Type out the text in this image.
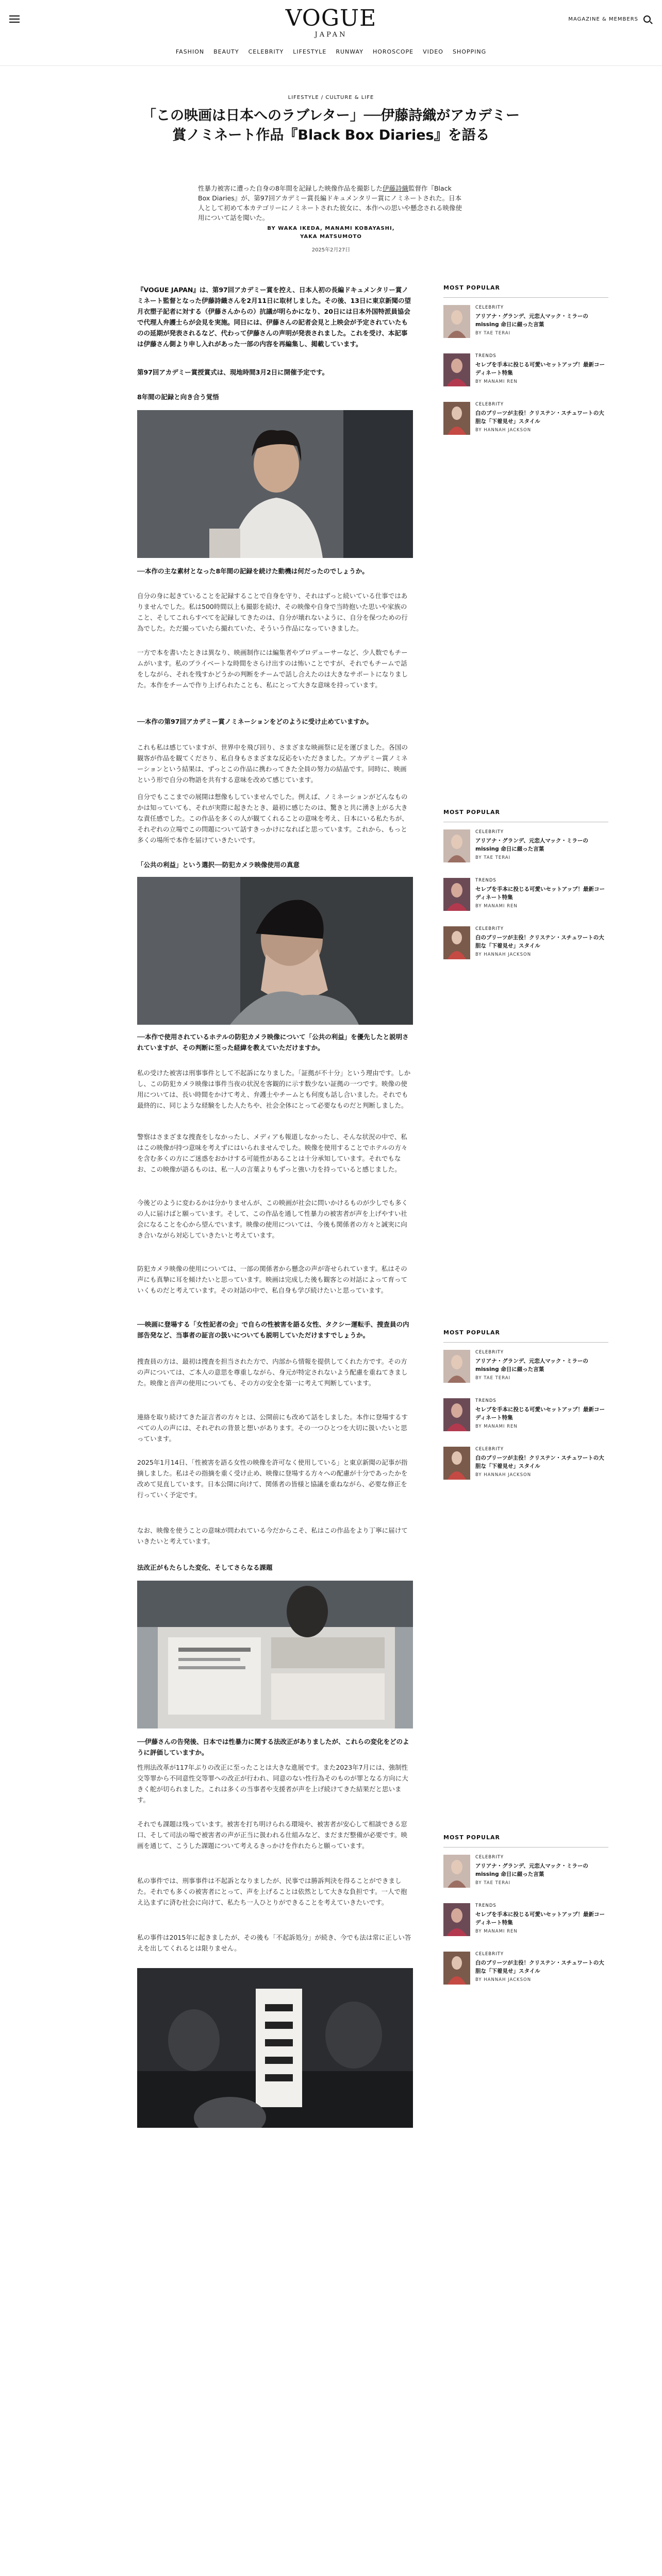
VOGUE
JAPAN
MAGAZINE & MEMBERS
FASHION BEAUTY CELEBRITY LIFESTYLE RUNWAY HOROSCOPE VIDEO SHOPPING
LIFESTYLE / CULTURE & LIFE
「この映画は日本へのラブレター」──伊藤詩織がアカデミー賞ノミネート作品『Black Box Diaries』を語る

性暴力被害に遭った自身の8年間を記録した映像作品を撮影した伊藤詩織監督作『Black Box Diaries』が、第97回アカデミー賞長編ドキュメンタリー賞にノミネートされた。日本人として初めて本カテゴリーにノミネートされた彼女に、本作への思いや懸念される映像使用について話を聞いた。

BY WAKA IKEDA, MANAMI KOBAYASHI,
YAKA MATSUMOTO
2025年2月27日

『VOGUE JAPAN』は、第97回アカデミー賞を控え、日本人初の長編ドキュメンタリー賞ノミネート監督となった伊藤詩織さんを2月11日に取材しました。その後、13日に東京新聞の望月衣塑子記者に対する（伊藤さんからの）抗議が明らかになり、20日には日本外国特派員協会で代理人弁護士らが会見を実施。同日には、伊藤さんの記者会見と上映会が予定されていたものの延期が発表されるなど、代わって伊藤さんの声明が発表されました。これを受け、本記事は伊藤さん側より申し入れがあった一部の内容を再編集し、掲載しています。

第97回アカデミー賞授賞式は、現地時間3月2日に開催予定です。

8年間の記録と向き合う覚悟

──本作の主な素材となった8年間の記録を続けた動機は何だったのでしょうか。

自分の身に起きていることを記録することで自身を守り、それはずっと続いている仕事ではありませんでした。私は500時間以上も撮影を続け、その映像や自身で当時抱いた思いや家族のこと、そしてこれらすべてを記録してきたのは、自分が壊れないように、自分を保つための行為でした。ただ撮っていたら撮れていた、そういう作品になっていきました。

一方で本を書いたときは異なり、映画制作には編集者やプロデューサーなど、少人数でもチームがいます。私のプライベートな時間をさらけ出すのは怖いことですが、それでもチームで話をしながら、それを残すかどうかの判断をチームで話し合えたのは大きなサポートになりました。本作をチームで作り上げられたことも、私にとって大きな意味を持っています。

──本作の第97回アカデミー賞ノミネーションをどのように受け止めていますか。

これも私は感じていますが、世界中を飛び回り、さまざまな映画祭に足を運びました。各国の観客が作品を観てくださり、私自身もさまざまな反応をいただきました。アカデミー賞ノミネーションという結果は、ずっとこの作品に携わってきた全員の努力の結晶です。同時に、映画という形で自分の物語を共有する意味を改めて感じています。

自分でもここまでの展開は想像もしていませんでした。例えば、ノミネーションがどんなものかは知っていても、それが実際に起きたとき、最初に感じたのは、驚きと共に湧き上がる大きな責任感でした。この作品を多くの人が観てくれることの意味を考え、日本にいる私たちが、それぞれの立場でこの問題について話すきっかけになればと思っています。これから、もっと多くの場所で本作を届けていきたいです。

「公共の利益」という選択──防犯カメラ映像使用の真意

──本作で使用されているホテルの防犯カメラ映像について「公共の利益」を優先したと説明されていますが、その判断に至った経緯を教えていただけますか。

私の受けた被害は刑事事件として不起訴になりました。「証拠が不十分」という理由です。しかし、この防犯カメラ映像は事件当夜の状況を客観的に示す数少ない証拠の一つです。映像の使用については、長い時間をかけて考え、弁護士やチームとも何度も話し合いました。それでも最終的に、同じような経験をした人たちや、社会全体にとって必要なものだと判断しました。

警察はさまざまな捜査をしなかったし、メディアも報道しなかったし、そんな状況の中で、私はこの映像が持つ意味を考えずにはいられませんでした。映像を使用することでホテルの方々を含む多くの方にご迷惑をおかけする可能性があることは十分承知しています。それでもなお、この映像が語るものは、私一人の言葉よりもずっと強い力を持っていると感じました。

今後どのように変わるかは分かりませんが、この映画が社会に問いかけるものが少しでも多くの人に届けばと願っています。そして、この作品を通して性暴力の被害者が声を上げやすい社会になることを心から望んでいます。映像の使用については、今後も関係者の方々と誠実に向き合いながら対応していきたいと考えています。

防犯カメラ映像の使用については、一部の関係者から懸念の声が寄せられています。私はその声にも真摯に耳を傾けたいと思っています。映画は完成した後も観客との対話によって育っていくものだと考えています。その対話の中で、私自身も学び続けたいと思っています。

──映画に登場する「女性記者の会」で自らの性被害を語る女性、タクシー運転手、捜査員の内部告発など、当事者の証言の扱いについても説明していただけますでしょうか。

捜査員の方は、最初は捜査を担当された方で、内部から情報を提供してくれた方です。その方の声については、ご本人の意思を尊重しながら、身元が特定されないよう配慮を重ねてきました。映像と音声の使用についても、その方の安全を第一に考えて判断しています。

連絡を取り続けてきた証言者の方々とは、公開前にも改めて話をしました。本作に登場するすべての人の声には、それぞれの背景と想いがあります。その一つひとつを大切に扱いたいと思っています。

2025年1月14日、「性被害を語る女性の映像を許可なく使用している」と東京新聞の記事が指摘しました。私はその指摘を重く受け止め、映像に登場する方々への配慮が十分であったかを改めて見直しています。日本公開に向けて、関係者の皆様と協議を重ねながら、必要な修正を行っていく予定です。

なお、映像を使うことの意味が問われている今だからこそ、私はこの作品をより丁寧に届けていきたいと考えています。

法改正がもたらした変化、そしてさらなる課題

──伊藤さんの告発後、日本では性暴力に関する法改正がありましたが、これらの変化をどのように評価していますか。

性刑法改革が117年ぶりの改正に至ったことは大きな進展です。また2023年7月には、強制性交等罪から不同意性交等罪への改正が行われ、同意のない性行為そのものが罪となる方向に大きく舵が切られました。これは多くの当事者や支援者が声を上げ続けてきた結果だと思います。

それでも課題は残っています。被害を打ち明けられる環境や、被害者が安心して相談できる窓口、そして司法の場で被害者の声が正当に扱われる仕組みなど、まだまだ整備が必要です。映画を通じて、こうした課題について考えるきっかけを作れたらと願っています。

私の事件では、刑事事件は不起訴となりましたが、民事では勝訴判決を得ることができました。それでも多くの被害者にとって、声を上げることは依然として大きな負担です。一人で抱え込まずに済む社会に向けて、私たち一人ひとりができることを考えていきたいです。

私の事件は2015年に起きましたが、その後も「不起訴処分」が続き、今でも法は常に正しい答えを出してくれるとは限りません。

MOST POPULAR
CELEBRITY
アリアナ・グランデ、元恋人マック・ミラーの missing 命日に綴った言葉
BY TAE TERAI
TRENDS
セレブを手本に投じる可愛いセットアップ！最新コーディネート特集
BY MANAMI REN
CELEBRITY
白のブリーツが主役！クリステン・スチュワートの大胆な「下着見せ」スタイル
BY HANNAH JACKSON
MOST POPULAR
CELEBRITY
アリアナ・グランデ、元恋人マック・ミラーの missing 命日に綴った言葉
BY TAE TERAI
TRENDS
セレブを手本に投じる可愛いセットアップ！最新コーディネート特集
BY MANAMI REN
CELEBRITY
白のブリーツが主役！クリステン・スチュワートの大胆な「下着見せ」スタイル
BY HANNAH JACKSON
MOST POPULAR
CELEBRITY
アリアナ・グランデ、元恋人マック・ミラーの missing 命日に綴った言葉
BY TAE TERAI
TRENDS
セレブを手本に投じる可愛いセットアップ！最新コーディネート特集
BY MANAMI REN
CELEBRITY
白のブリーツが主役！クリステン・スチュワートの大胆な「下着見せ」スタイル
BY HANNAH JACKSON
MOST POPULAR
CELEBRITY
アリアナ・グランデ、元恋人マック・ミラーの missing 命日に綴った言葉
BY TAE TERAI
TRENDS
セレブを手本に投じる可愛いセットアップ！最新コーディネート特集
BY MANAMI REN
CELEBRITY
白のブリーツが主役！クリステン・スチュワートの大胆な「下着見せ」スタイル
BY HANNAH JACKSON
